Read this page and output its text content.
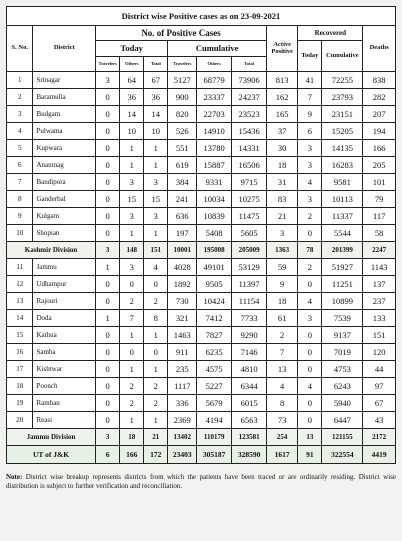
District wise Positive cases as on 23-09-2021											
S. No.	District	No. of Positive Cases						Active Positive	Recovered		Deaths
		Today			Cumulative				Today	Cumulative	
		Travelers	Others	Total	Travelers	Others	Total				
1	Srinagar	3	64	67	5127	68779	73906	813	41	72255	838
2	Baramulla	0	36	36	900	23337	24237	162	7	23793	282
3	Budgam	0	14	14	820	22703	23523	165	9	23151	207
4	Pulwama	0	10	10	526	14910	15436	37	6	15205	194
5	Kupwara	0	1	1	551	13780	14331	30	3	14135	166
6	Anantnag	0	1	1	619	15887	16506	18	3	16283	205
7	Bandipora	0	3	3	384	9331	9715	31	4	9581	101
8	Ganderbal	0	15	15	241	10034	10275	83	3	10113	79
9	Kulgam	0	3	3	636	10839	11475	21	2	11337	117
10	Shopian	0	1	1	197	5408	5605	3	0	5544	58
Kashmir Division		3	148	151	10001	195008	205009	1363	78	201399	2247
11	Jammu	1	3	4	4028	49101	53129	59	2	51927	1143
12	Udhampur	0	0	0	1892	9505	11397	9	0	11251	137
13	Rajouri	0	2	2	730	10424	11154	18	4	10899	237
14	Doda	1	7	8	321	7412	7733	61	3	7539	133
15	Kathua	0	1	1	1463	7827	9290	2	0	9137	151
16	Samba	0	0	0	911	6235	7146	7	0	7019	120
17	Kishtwar	0	1	1	235	4575	4810	13	0	4753	44
18	Poonch	0	2	2	1117	5227	6344	4	4	6243	97
19	Ramban	0	2	2	336	5679	6015	8	0	5940	67
20	Reasi	0	1	1	2369	4194	6563	73	0	6447	43
Jammu Division		3	18	21	13402	110179	123581	254	13	121155	2172
UT of J&K		6	166	172	23403	305187	328590	1617	91	322554	4419
Note: District wise breakup represents districts from which the patients have been traced or are ordinarily residing. District wise distribution is subject to further verification and reconciliation.
